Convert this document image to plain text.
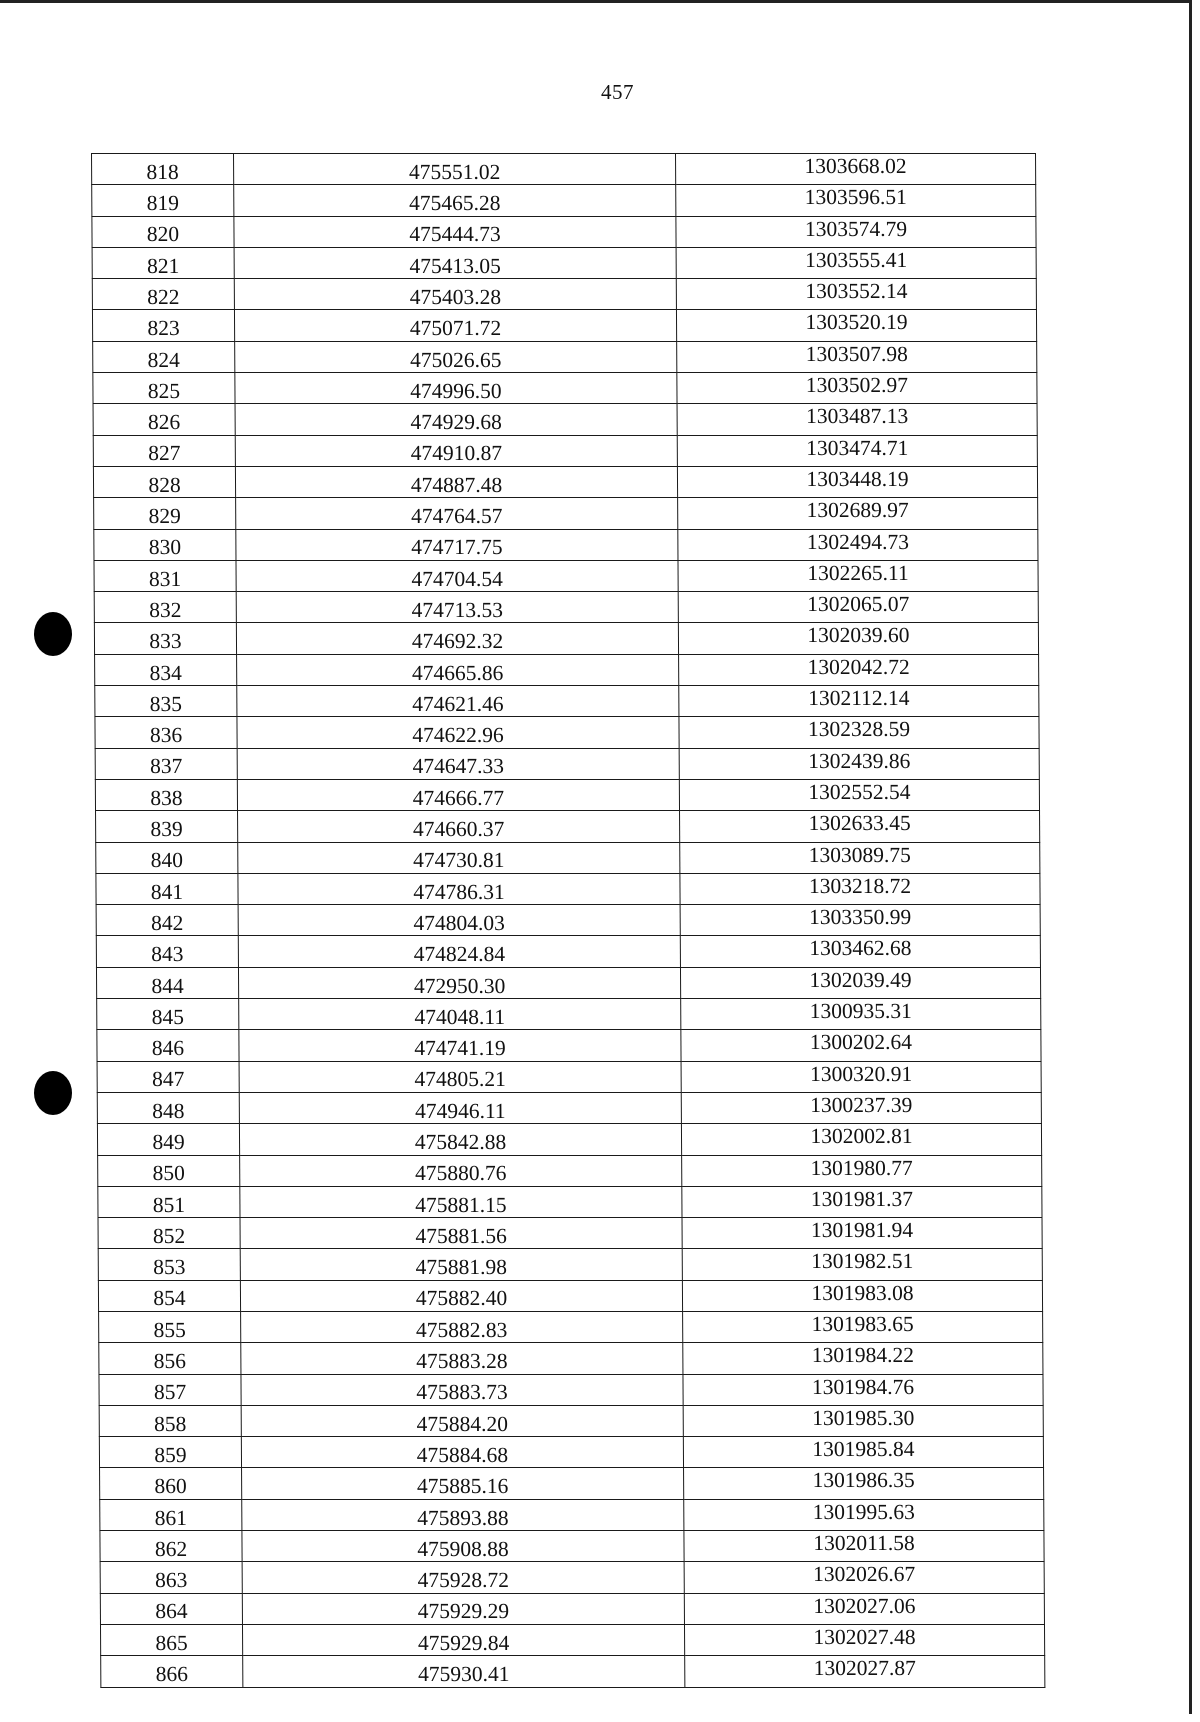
457
818	475551.02	1303668.02
819	475465.28	1303596.51
820	475444.73	1303574.79
821	475413.05	1303555.41
822	475403.28	1303552.14
823	475071.72	1303520.19
824	475026.65	1303507.98
825	474996.50	1303502.97
826	474929.68	1303487.13
827	474910.87	1303474.71
828	474887.48	1303448.19
829	474764.57	1302689.97
830	474717.75	1302494.73
831	474704.54	1302265.11
832	474713.53	1302065.07
833	474692.32	1302039.60
834	474665.86	1302042.72
835	474621.46	1302112.14
836	474622.96	1302328.59
837	474647.33	1302439.86
838	474666.77	1302552.54
839	474660.37	1302633.45
840	474730.81	1303089.75
841	474786.31	1303218.72
842	474804.03	1303350.99
843	474824.84	1303462.68
844	472950.30	1302039.49
845	474048.11	1300935.31
846	474741.19	1300202.64
847	474805.21	1300320.91
848	474946.11	1300237.39
849	475842.88	1302002.81
850	475880.76	1301980.77
851	475881.15	1301981.37
852	475881.56	1301981.94
853	475881.98	1301982.51
854	475882.40	1301983.08
855	475882.83	1301983.65
856	475883.28	1301984.22
857	475883.73	1301984.76
858	475884.20	1301985.30
859	475884.68	1301985.84
860	475885.16	1301986.35
861	475893.88	1301995.63
862	475908.88	1302011.58
863	475928.72	1302026.67
864	475929.29	1302027.06
865	475929.84	1302027.48
866	475930.41	1302027.87
